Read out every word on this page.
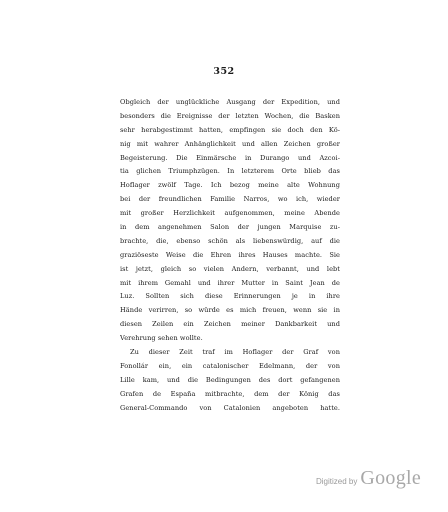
352
Obgleich der unglückliche Ausgang der Expedition, und
besonders die Ereignisse der letzten Wochen, die Basken
sehr herabgestimmt hatten, empfingen sie doch den Kö-
nig mit wahrer Anhänglichkeit und allen Zeichen großer
Begeisterung. Die Einmärsche in Durango und Azcoi-
tia glichen Triumphzügen. In letzterem Orte blieb das
Hoflager zwölf Tage. Ich bezog meine alte Wohnung
bei der freundlichen Familie Narros, wo ich, wieder
mit großer Herzlichkeit aufgenommen, meine Abende
in dem angenehmen Salon der jungen Marquise zu-
brachte, die, ebenso schön als liebenswürdig, auf die
graziöseste Weise die Ehren ihres Hauses machte. Sie
ist jetzt, gleich so vielen Andern, verbannt, und lebt
mit ihrem Gemahl und ihrer Mutter in Saint Jean de
Luz. Sollten sich diese Erinnerungen je in ihre
Hände verirren, so würde es mich freuen, wenn sie in
diesen Zeilen ein Zeichen meiner Dankbarkeit und
Verehrung sehen wollte.
Zu dieser Zeit traf im Hoflager der Graf von
Fonollár ein, ein catalonischer Edelmann, der von
Lille kam, und die Bedingungen des dort gefangenen
Grafen de España mitbrachte, dem der König das
General-Commando von Catalonien angeboten hatte.
Digitized by Google
